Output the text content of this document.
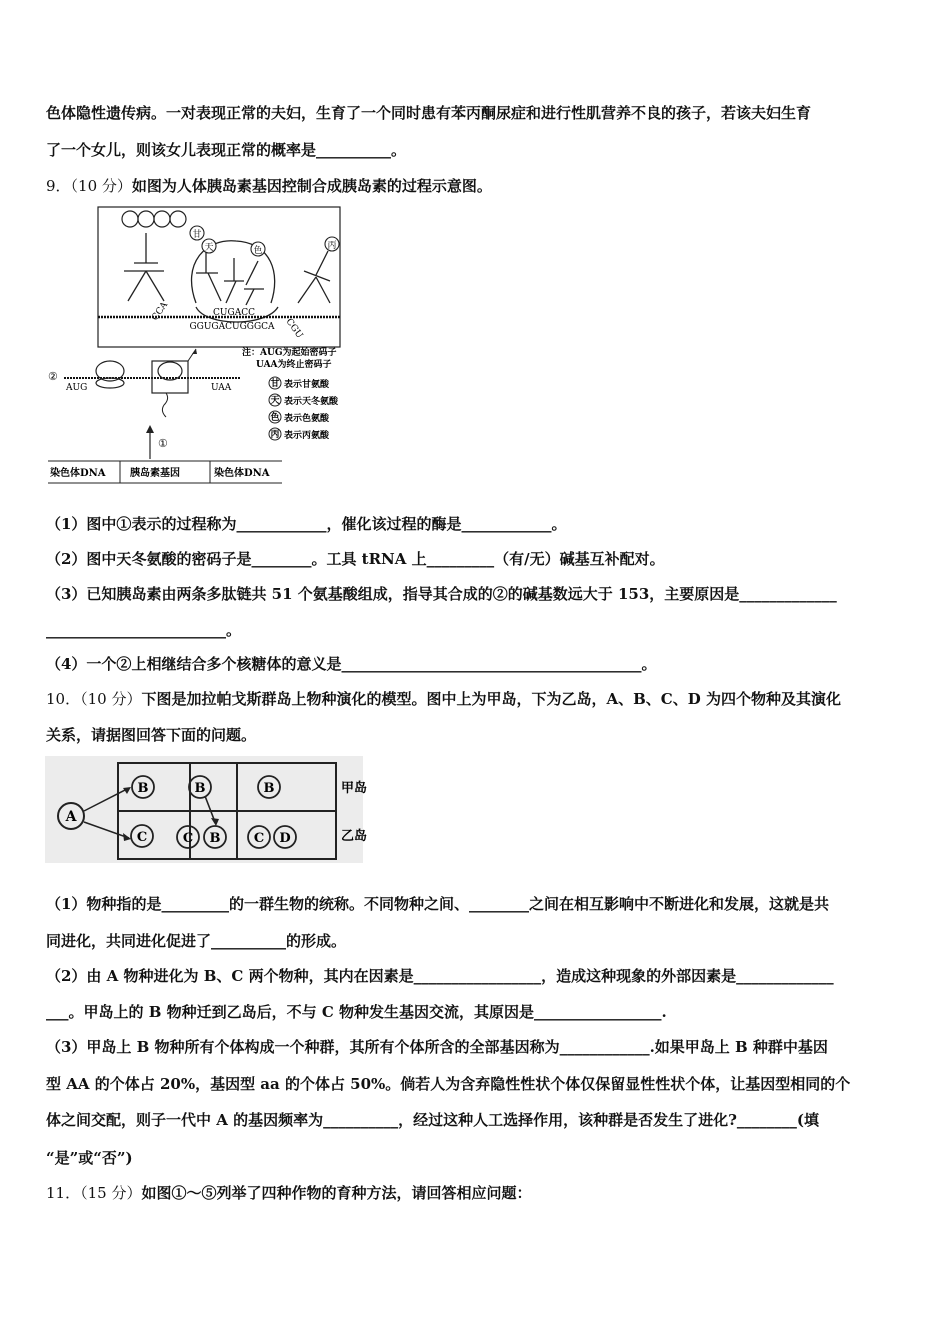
色体隐性遗传病。一对表现正常的夫妇，生育了一个同时患有苯丙酮尿症和进行性肌营养不良的孩子，若该夫妇生育
了一个女儿，则该女儿表现正常的概率是__________。
9．（10 分）如图为人体胰岛素基因控制合成胰岛素的过程示意图。
CCA
CGU
甘
天	色	丙
CUGACC
GGUGACUGGGCA
②
AUG	UAA
①
注：AUG为起始密码子
UAA为终止密码子
甘 表示甘氨酸
天 表示天冬氨酸
色 表示色氨酸
丙 表示丙氨酸
染色体DNA 胰岛素基因	染色体DNA
（1）图中①表示的过程称为____________，催化该过程的酶是____________。
（2）图中天冬氨酸的密码子是________。工具 tRNA 上_________（有/无）碱基互补配对。
（3）已知胰岛素由两条多肽链共 51 个氨基酸组成，指导其合成的②的碱基数远大于 153，主要原因是_____________
________________________。
（4）一个②上相继结合多个核糖体的意义是________________________________________。
10．（10 分）下图是加拉帕戈斯群岛上物种演化的模型。图中上为甲岛，下为乙岛，A、B、C、D 为四个物种及其演化
关系，请据图回答下面的问题。
A
B	B	B
C	C B	C D
甲岛
乙岛
（1）物种指的是_________的一群生物的统称。不同物种之间、________之间在相互影响中不断进化和发展，这就是共
同进化，共同进化促进了__________的形成。
（2）由 A 物种进化为 B、C 两个物种，其内在因素是_________________，造成这种现象的外部因素是_____________
___。甲岛上的 B 物种迁到乙岛后，不与 C 物种发生基因交流，其原因是_________________.
（3）甲岛上 B 物种所有个体构成一个种群，其所有个体所含的全部基因称为____________.如果甲岛上 B 种群中基因
型 AA 的个体占 20%，基因型 aa 的个体占 50%。倘若人为含弃隐性性状个体仅保留显性性状个体，让基因型相同的个
体之间交配，则子一代中 A 的基因频率为__________，经过这种人工选择作用，该种群是否发生了进化?________(填
“是”或“否”)
11．（15 分）如图①～⑤列举了四种作物的育种方法，请回答相应问题：
